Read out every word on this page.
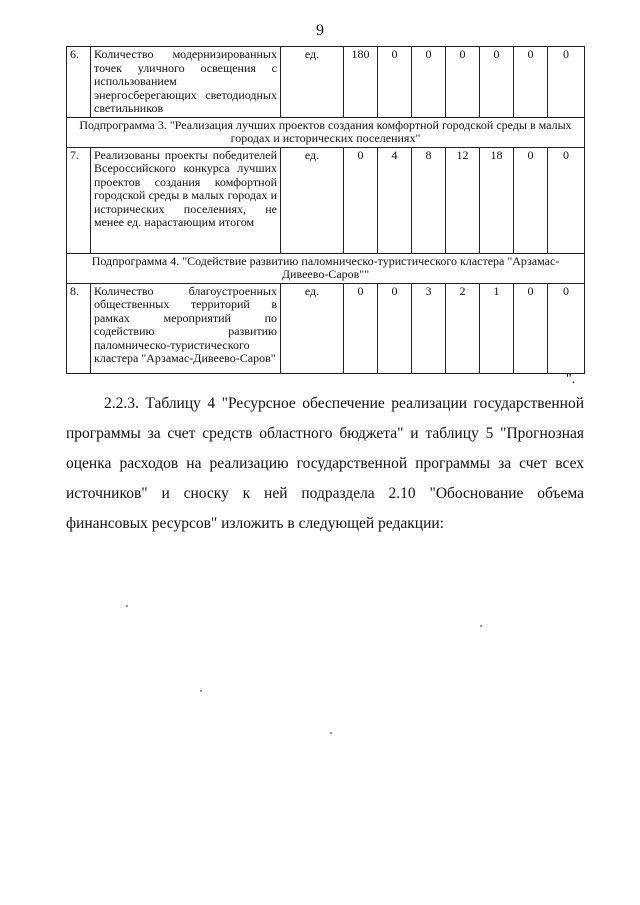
9
6.	Количество модернизированных точек уличного освещения с использованием энергосберегающих светодиодных светильников	ед.	180	0	0	0	0	0	0
Подпрограмма 3. "Реализация лучших проектов создания комфортной городской среды в малых городах и исторических поселениях"									
7.	Реализованы проекты победителей Всероссийского конкурса лучших проектов создания комфортной городской среды в малых городах и исторических поселениях, не менее ед. нарастающим итогом	ед.	0	4	8	12	18	0	0
Подпрограмма 4. "Содействие развитию паломническо-туристического кластера "Арзамас-Дивеево-Саров""									
8.	Количество благоустроенных общественных территорий в рамках мероприятий по содействию развитию паломническо-туристического кластера "Арзамас-Дивеево-Саров"	ед.	0	0	3	2	1	0	0
".
2.2.3. Таблицу 4 "Ресурсное обеспечение реализации государственной программы за счет средств областного бюджета" и таблицу 5 "Прогнозная оценка расходов на реализацию государственной программы за счет всех источников" и сноску к ней подраздела 2.10 "Обоснование объема финансовых ресурсов" изложить в следующей редакции:
